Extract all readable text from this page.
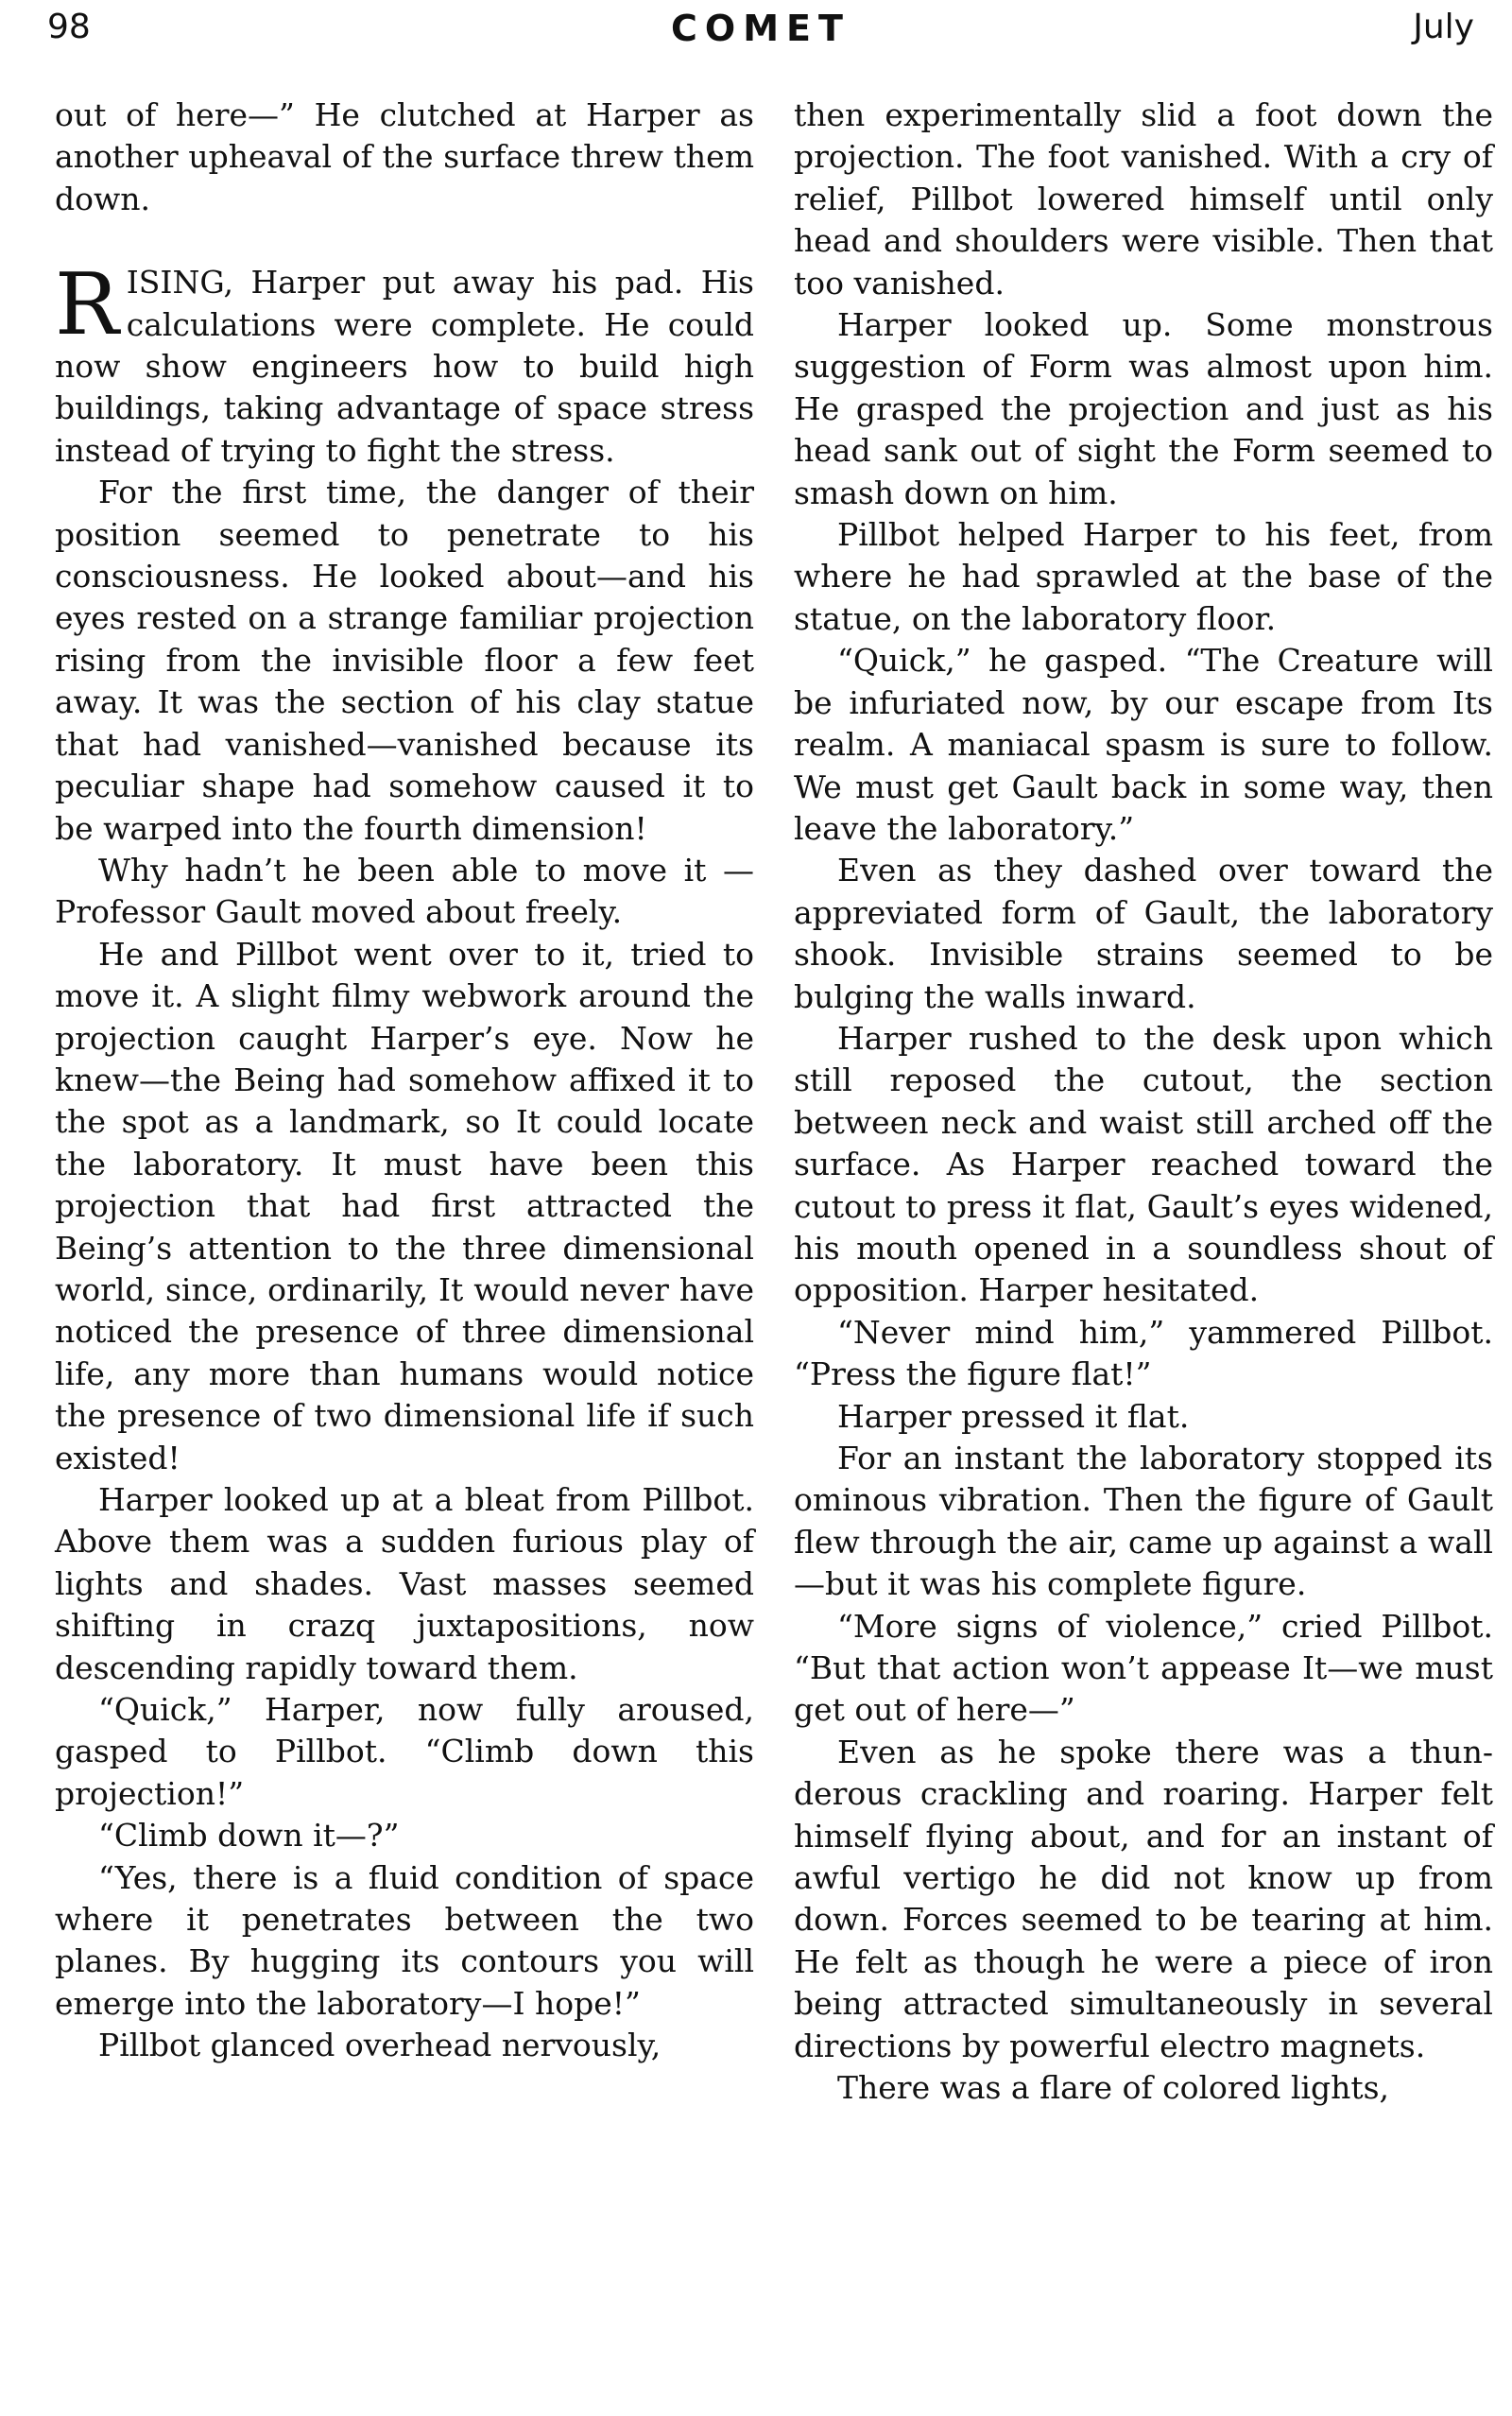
98	COMET	July

out of here—” He clutched at Harper as another upheaval of the surface threw them down.

RISING, Harper put away his pad. His calculations were complete. He could now show engineers how to build high buildings, taking advantage of space stress instead of trying to fight the stress.

For the first time, the danger of their position seemed to penetrate to his consciousness. He looked about—and his eyes rested on a strange familiar projection rising from the invisible floor a few feet away. It was the section of his clay statue that had vanished—vanished because its peculiar shape had somehow caused it to be warped into the fourth dimension!

Why hadn’t he been able to move it —Professor Gault moved about freely.

He and Pillbot went over to it, tried to move it. A slight filmy webwork around the projection caught Harper’s eye. Now he knew—the Being had somehow affixed it to the spot as a landmark, so It could locate the laboratory. It must have been this projection that had first attracted the Being’s attention to the three dimensional world, since, ordinarily, It would never have noticed the presence of three dimensional life, any more than humans would notice the presence of two dimensional life if such existed!

Harper looked up at a bleat from Pillbot. Above them was a sudden furious play of lights and shades. Vast masses seemed shifting in crazq juxtapositions, now descending rapidly toward them.

“Quick,” Harper, now fully aroused, gasped to Pillbot. “Climb down this projection!”

“Climb down it—?”

“Yes, there is a fluid condition of space where it penetrates between the two planes. By hugging its contours you will emerge into the laboratory—I hope!”

Pillbot glanced overhead nervously,

then experimentally slid a foot down the projection. The foot vanished. With a cry of relief, Pillbot lowered himself until only head and shoulders were visible. Then that too vanished.

Harper looked up. Some monstrous suggestion of Form was almost upon him. He grasped the projection and just as his head sank out of sight the Form seemed to smash down on him.

Pillbot helped Harper to his feet, from where he had sprawled at the base of the statue, on the laboratory floor.

“Quick,” he gasped. “The Creature will be infuriated now, by our escape from Its realm. A maniacal spasm is sure to follow. We must get Gault back in some way, then leave the laboratory.”

Even as they dashed over toward the appreviated form of Gault, the laboratory shook. Invisible strains seemed to be bulging the walls inward.

Harper rushed to the desk upon which still reposed the cutout, the section between neck and waist still arched off the surface. As Harper reached toward the cutout to press it flat, Gault’s eyes widened, his mouth opened in a soundless shout of opposition. Harper hesitated.

“Never mind him,” yammered Pillbot. “Press the figure flat!”

Harper pressed it flat.

For an instant the laboratory stopped its ominous vibration. Then the figure of Gault flew through the air, came up against a wall—but it was his complete figure.

“More signs of violence,” cried Pillbot. “But that action won’t appease It—we must get out of here—”

Even as he spoke there was a thunderous crackling and roaring. Harper felt himself flying about, and for an instant of awful vertigo he did not know up from down. Forces seemed to be tearing at him. He felt as though he were a piece of iron being attracted simultaneously in several directions by powerful electro magnets.

There was a flare of colored lights,
